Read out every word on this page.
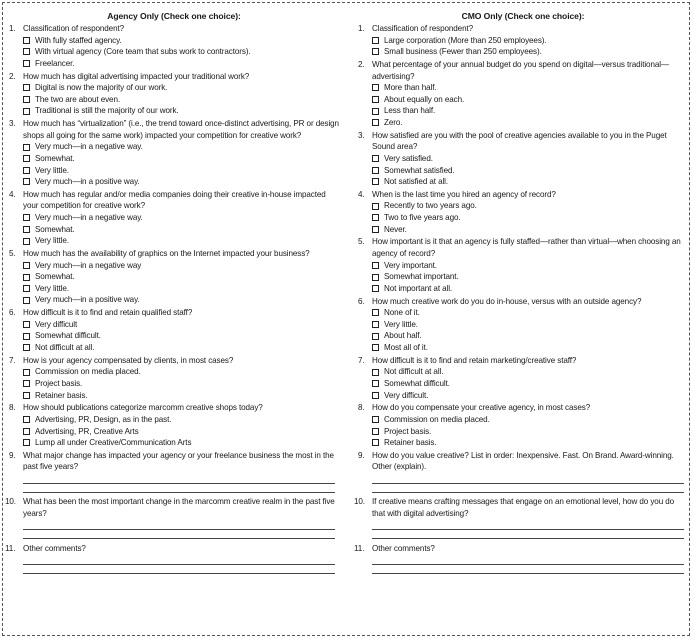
Agency Only (Check one choice):
1. Classification of respondent?
With fully staffed agency.
With virtual agency (Core team that subs work to contractors).
Freelancer.
2. How much has digital advertising impacted your traditional work?
Digital is now the majority of our work.
The two are about even.
Traditional is still the majority of our work.
3. How much has “virtualization” (i.e., the trend toward once-distinct advertising, PR or design shops all going for the same work) impacted your competition for creative work?
Very much—in a negative way.
Somewhat.
Very little.
Very much—in a positive way.
4. How much has regular and/or media companies doing their creative in-house impacted your competition for creative work?
Very much—in a negative way.
Somewhat.
Very little.
5. How much has the availability of graphics on the Internet impacted your business?
Very much—in a negative way
Somewhat.
Very little.
Very much—in a positive way.
6. How difficult is it to find and retain qualified staff?
Very difficult
Somewhat difficult.
Not difficult at all.
7. How is your agency compensated by clients, in most cases?
Commission on media placed.
Project basis.
Retainer basis.
8. How should publications categorize marcomm creative shops today?
Advertising, PR, Design, as in the past.
Advertising, PR, Creative Arts
Lump all under Creative/Communication Arts
9. What major change has impacted your agency or your freelance business the most in the past five years?
10. What has been the most important change in the marcomm creative realm in the past five years?
11. Other comments?
CMO Only (Check one choice):
1. Classification of respondent?
Large corporation (More than 250 employees).
Small business (Fewer than 250 employees).
2. What percentage of your annual budget do you spend on digital—versus traditional—advertising?
More than half.
About equally on each.
Less than half.
Zero.
3. How satisfied are you with the pool of creative agencies available to you in the Puget Sound area?
Very satisfied.
Somewhat satisfied.
Not satisfied at all.
4. When is the last time you hired an agency of record?
Recently to two years ago.
Two to five years ago.
Never.
5. How important is it that an agency is fully staffed—rather than virtual—when choosing an agency of record?
Very important.
Somewhat important.
Not important at all.
6. How much creative work do you do in-house, versus with an outside agency?
None of it.
Very little.
About half.
Most all of it.
7. How difficult is it to find and retain marketing/creative staff?
Not difficult at all.
Somewhat difficult.
Very difficult.
8. How do you compensate your creative agency, in most cases?
Commission on media placed.
Project basis.
Retainer basis.
9. How do you value creative? List in order: Inexpensive. Fast. On Brand. Award-winning. Other (explain).
10. If creative means crafting messages that engage on an emotional level, how do you do that with digital advertising?
11. Other comments?
